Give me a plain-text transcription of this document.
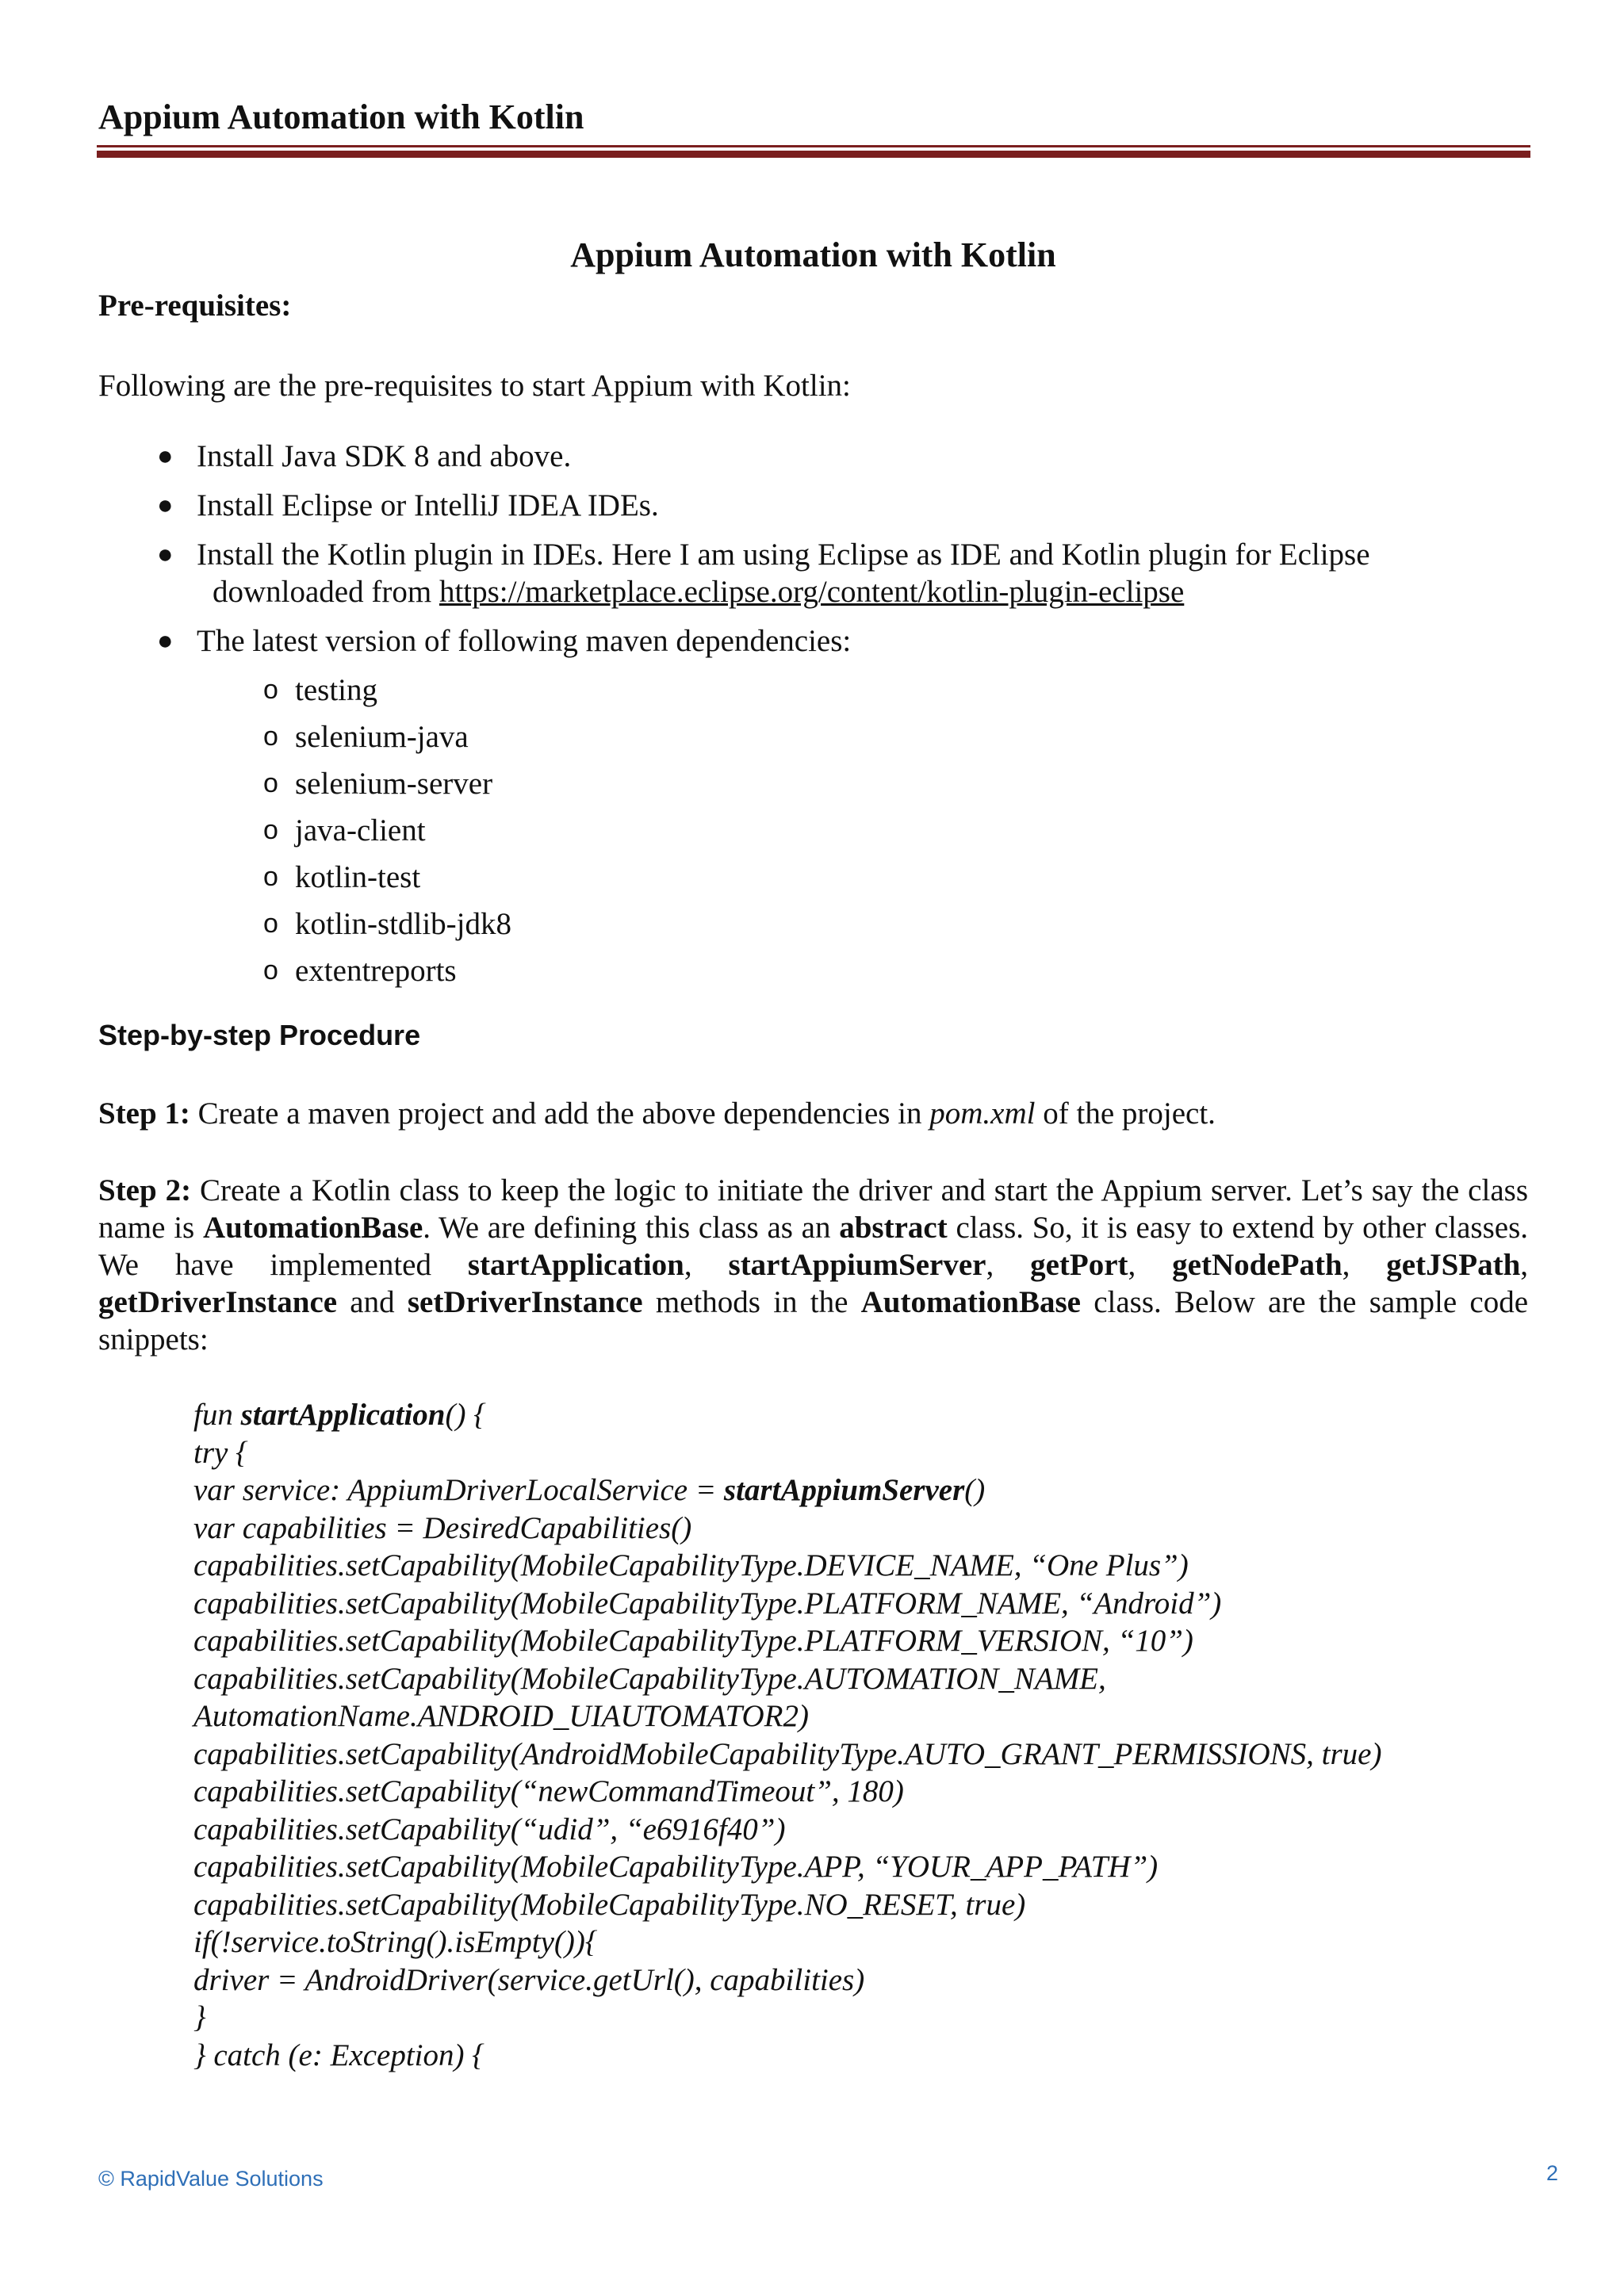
Appium Automation with Kotlin
Appium Automation with Kotlin
Pre-requisites:

Following are the pre-requisites to start Appium with Kotlin:

● Install Java SDK 8 and above.
● Install Eclipse or IntelliJ IDEA IDEs.
● Install the Kotlin plugin in IDEs. Here I am using Eclipse as IDE and Kotlin plugin for Eclipse
downloaded from https://marketplace.eclipse.org/content/kotlin-plugin-eclipse
● The latest version of following maven dependencies:
o testing
o selenium-java
o selenium-server
o java-client
o kotlin-test
o kotlin-stdlib-jdk8
o extentreports
Step-by-step Procedure

Step 1: Create a maven project and add the above dependencies in pom.xml of the project.

Step 2: Create a Kotlin class to keep the logic to initiate the driver and start the Appium server. Let’s say the class name is AutomationBase. We are defining this class as an abstract class. So, it is easy to extend by other classes. We have implemented startApplication, startAppiumServer, getPort, getNodePath, getJSPath, getDriverInstance and setDriverInstance methods in the AutomationBase class. Below are the sample code snippets:

fun startApplication() {
try {
var service: AppiumDriverLocalService = startAppiumServer()
var capabilities = DesiredCapabilities()
capabilities.setCapability(MobileCapabilityType.DEVICE_NAME, “One Plus”)
capabilities.setCapability(MobileCapabilityType.PLATFORM_NAME, “Android”)
capabilities.setCapability(MobileCapabilityType.PLATFORM_VERSION, “10”)
capabilities.setCapability(MobileCapabilityType.AUTOMATION_NAME,
AutomationName.ANDROID_UIAUTOMATOR2)
capabilities.setCapability(AndroidMobileCapabilityType.AUTO_GRANT_PERMISSIONS, true)
capabilities.setCapability(“newCommandTimeout”, 180)
capabilities.setCapability(“udid”, “e6916f40”)
capabilities.setCapability(MobileCapabilityType.APP, “YOUR_APP_PATH”)
capabilities.setCapability(MobileCapabilityType.NO_RESET, true)
if(!service.toString().isEmpty()){
driver = AndroidDriver(service.getUrl(), capabilities)
}
} catch (e: Exception) {
© RapidValue Solutions	2
